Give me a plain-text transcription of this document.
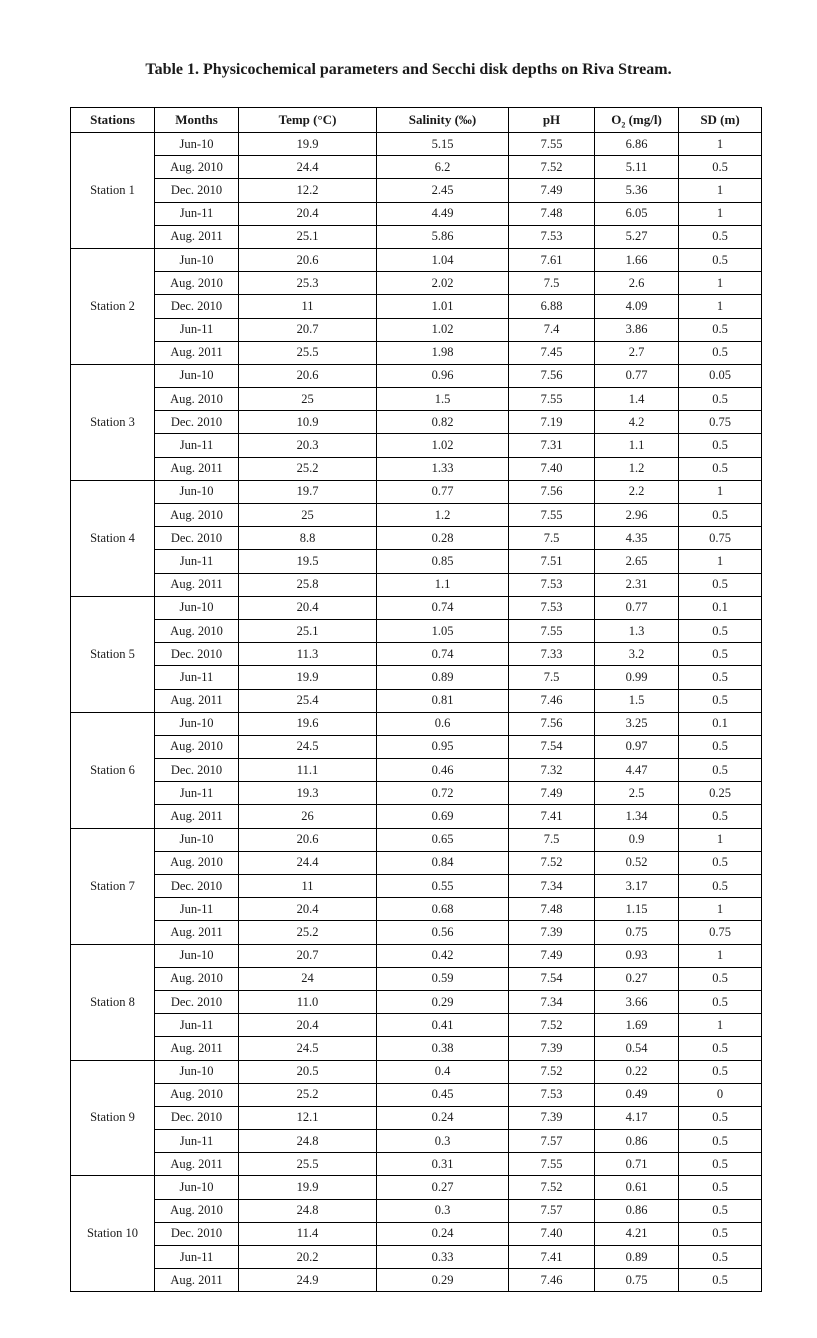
Table 1. Physicochemical parameters and Secchi disk depths on Riva Stream.
Stations	Months	Temp (°C)	Salinity (‰)	pH	$O_2$ (mg/l)	SD (m)
Station 1	Jun-10	19.9	5.15	7.55	6.86	1
	Aug. 2010	24.4	6.2	7.52	5.11	0.5
	Dec. 2010	12.2	2.45	7.49	5.36	1
	Jun-11	20.4	4.49	7.48	6.05	1
	Aug. 2011	25.1	5.86	7.53	5.27	0.5
Station 2	Jun-10	20.6	1.04	7.61	1.66	0.5
	Aug. 2010	25.3	2.02	7.5	2.6	1
	Dec. 2010	11	1.01	6.88	4.09	1
	Jun-11	20.7	1.02	7.4	3.86	0.5
	Aug. 2011	25.5	1.98	7.45	2.7	0.5
Station 3	Jun-10	20.6	0.96	7.56	0.77	0.05
	Aug. 2010	25	1.5	7.55	1.4	0.5
	Dec. 2010	10.9	0.82	7.19	4.2	0.75
	Jun-11	20.3	1.02	7.31	1.1	0.5
	Aug. 2011	25.2	1.33	7.40	1.2	0.5
Station 4	Jun-10	19.7	0.77	7.56	2.2	1
	Aug. 2010	25	1.2	7.55	2.96	0.5
	Dec. 2010	8.8	0.28	7.5	4.35	0.75
	Jun-11	19.5	0.85	7.51	2.65	1
	Aug. 2011	25.8	1.1	7.53	2.31	0.5
Station 5	Jun-10	20.4	0.74	7.53	0.77	0.1
	Aug. 2010	25.1	1.05	7.55	1.3	0.5
	Dec. 2010	11.3	0.74	7.33	3.2	0.5
	Jun-11	19.9	0.89	7.5	0.99	0.5
	Aug. 2011	25.4	0.81	7.46	1.5	0.5
Station 6	Jun-10	19.6	0.6	7.56	3.25	0.1
	Aug. 2010	24.5	0.95	7.54	0.97	0.5
	Dec. 2010	11.1	0.46	7.32	4.47	0.5
	Jun-11	19.3	0.72	7.49	2.5	0.25
	Aug. 2011	26	0.69	7.41	1.34	0.5
Station 7	Jun-10	20.6	0.65	7.5	0.9	1
	Aug. 2010	24.4	0.84	7.52	0.52	0.5
	Dec. 2010	11	0.55	7.34	3.17	0.5
	Jun-11	20.4	0.68	7.48	1.15	1
	Aug. 2011	25.2	0.56	7.39	0.75	0.75
Station 8	Jun-10	20.7	0.42	7.49	0.93	1
	Aug. 2010	24	0.59	7.54	0.27	0.5
	Dec. 2010	11.0	0.29	7.34	3.66	0.5
	Jun-11	20.4	0.41	7.52	1.69	1
	Aug. 2011	24.5	0.38	7.39	0.54	0.5
Station 9	Jun-10	20.5	0.4	7.52	0.22	0.5
	Aug. 2010	25.2	0.45	7.53	0.49	0
	Dec. 2010	12.1	0.24	7.39	4.17	0.5
	Jun-11	24.8	0.3	7.57	0.86	0.5
	Aug. 2011	25.5	0.31	7.55	0.71	0.5
Station 10	Jun-10	19.9	0.27	7.52	0.61	0.5
	Aug. 2010	24.8	0.3	7.57	0.86	0.5
	Dec. 2010	11.4	0.24	7.40	4.21	0.5
	Jun-11	20.2	0.33	7.41	0.89	0.5
	Aug. 2011	24.9	0.29	7.46	0.75	0.5
